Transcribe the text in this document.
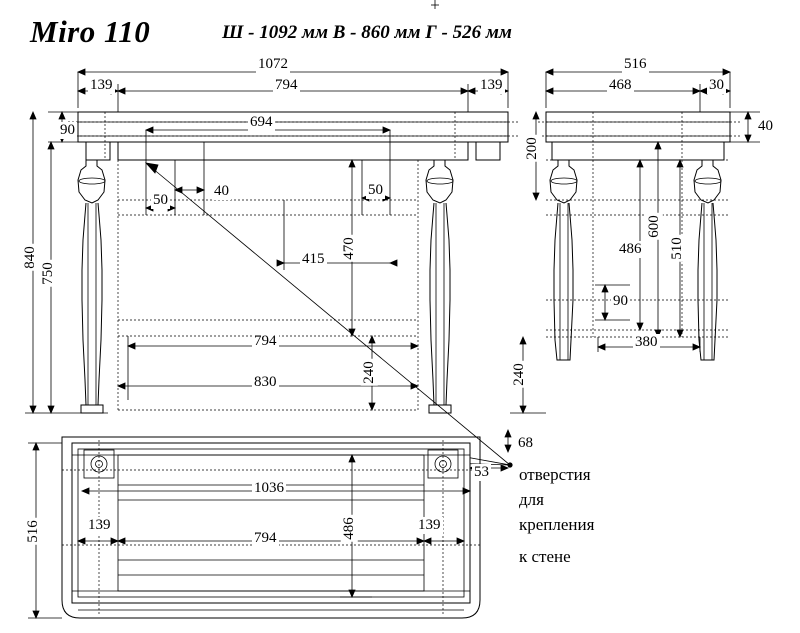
Miro 110	Ш - 1092 мм В - 860 мм Г - 526 мм
1072
139	794	139
694
90
50
40	50
415 470
794
830	240
840
750
516
468	30
40
200
600
510
486
90
380
240
68
53
516
1036
139
794
139
486
отверстия
для
крепления
к стене
